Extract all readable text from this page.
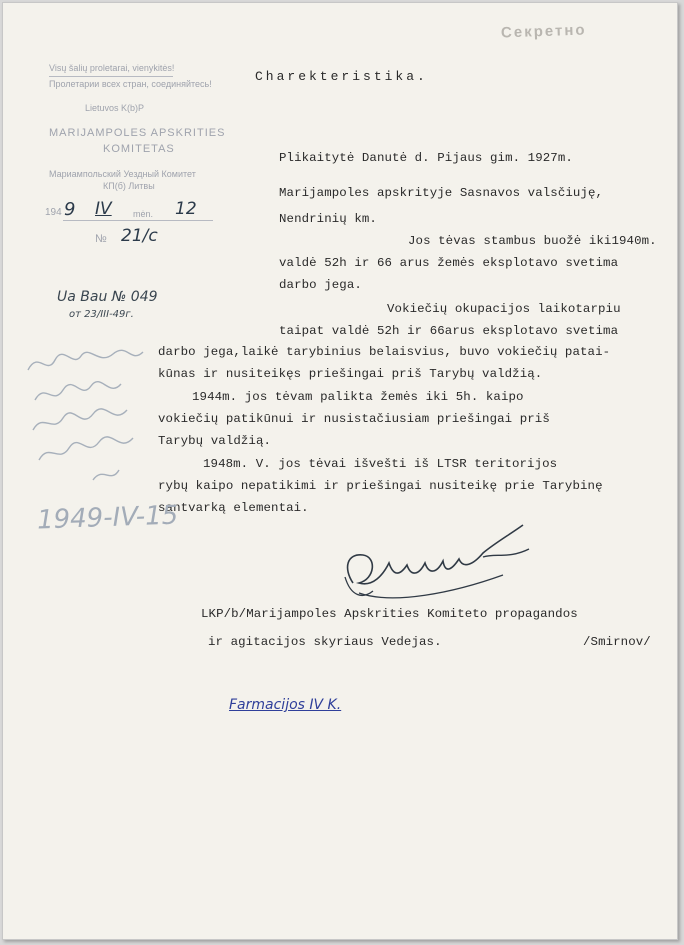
Секретно
Visų šalių proletarai, vienykitės!
Пролетарии всех стран, соединяйтесь!
Lietuvos K(b)P
MARIJAMPOLES APSKRITIES
KOMITETAS
Мариампольский Уездный Комитет
КП(б) Литвы
194 9 IV mėn. 12
№ 21/c
Ua Bau № 049
от 23/III-49г.
Charekteristika.
Plikaitytė Danutė d. Pijaus gim. 1927m.
Marijampoles apskrityje Sasnavos valsčiuję,
Nendrinių km.
Jos tėvas stambus buožė iki1940m.
valdė 52h ir 66 arus žemės eksplotavo svetima
darbo jega.
Vokiečių okupacijos laikotarpiu
taipat valdė 52h ir 66arus eksplotavo svetima
darbo jega,laikė tarybinius belaisvius, buvo vokiečių patai-
kūnas ir nusiteikęs priešingai priš Tarybų valdžią.
1944m. jos tėvam palikta žemės iki 5h. kaipo
vokiečių patikūnui ir nusistačiusiam priešingai priš
Tarybų valdžią.
1948m. V. jos tėvai išvešti iš LTSR teritorijos
rybų kaipo nepatikimi ir priešingai nusiteikę prie Tarybinę
santvarką elementai.
1949-IV-15
LKP/b/Marijampoles Apskrities Komiteto propagandos
ir agitacijos skyriaus Vedejas.	/Smirnov/
Farmacijos IV K.
